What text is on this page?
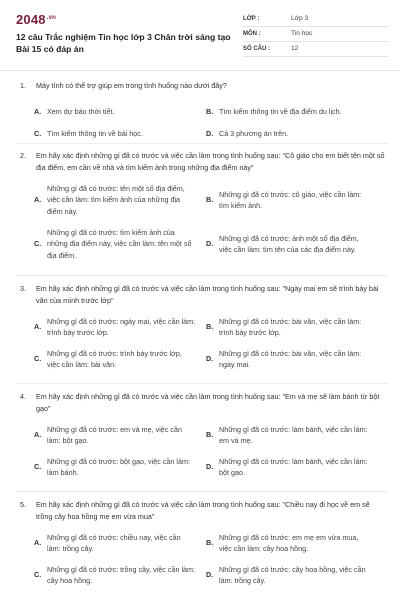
$2048^{.vn}$
12 câu Trắc nghiệm Tin học lớp 3 Chân trời sáng tạo Bài 15 có đáp án
LỚP :	Lớp 3
MÔN :	Tin học
SỐ CÂU :	12
1. Máy tính có thể trợ giúp em trong tình huống nào dưới đây?
A. Xem dự báo thời tiết.	B. Tìm kiếm thông tin về địa điểm du lịch.
C. Tìm kiếm thông tin về bài học.	D. Cả 3 phương án trên.
2. Em hãy xác định những gì đã có trước và việc cần làm trong tình huống sau: "Cô giáo cho em biết tên một số địa điểm, em cần về nhà và tìm kiếm ảnh trong những địa điểm này"
A.
Những gì đã có trước: tên một số địa điểm, việc cần làm: tìm kiếm ảnh của những địa điểm này.
B.
Những gì đã có trước: cô giáo, việc cần làm: tìm kiếm ảnh.
C.
Những gì đã có trước: tìm kiếm ảnh của những địa điểm này, việc cần làm: tên một số địa điểm.
D.
Những gì đã có trước: ảnh một số địa điểm, việc cần làm: tìm tên của các địa điểm này.
3. Em hãy xác định những gì đã có trước và việc cần làm trong tình huống sau: "Ngày mai em sẽ trình bày bài văn của mình trước lớp"
A.
Những gì đã có trước: ngày mai, việc cần làm: trình bày trước lớp.
B.
Những gì đã có trước: bài văn, việc cần làm: trình bày trước lớp.
C.
Những gì đã có trước: trình bày trước lớp, việc cần làm: bài văn.
D.
Những gì đã có trước: bài văn, việc cần làm: ngày mai.
4. Em hãy xác định những gì đã có trước và việc cần làm trong tình huống sau: "Em và mẹ sẽ làm bánh từ bột gạo"
A.
Những gì đã có trước: em và mẹ, việc cần làm: bột gạo.
B.
Những gì đã có trước: làm bánh, việc cần làm: em và mẹ.
C.
Những gì đã có trước: bột gạo, việc cần làm: làm bánh.
D.
Những gì đã có trước: làm bánh, việc cần làm: bột gạo.
5. Em hãy xác định những gì đã có trước và việc cần làm trong tình huống sau: "Chiều nay đi học về em sẽ trồng cây hoa hồng mẹ em vừa mua"
A.
Những gì đã có trước: chiều nay, việc cần làm: trồng cây.
B.
Những gì đã có trước: em mẹ em vừa mua, việc cần làm: cây hoa hồng.
C.
Những gì đã có trước: trồng cây, việc cần làm: cây hoa hồng.
D.
Những gì đã có trước: cây hoa hồng, việc cần làm: trồng cây.
